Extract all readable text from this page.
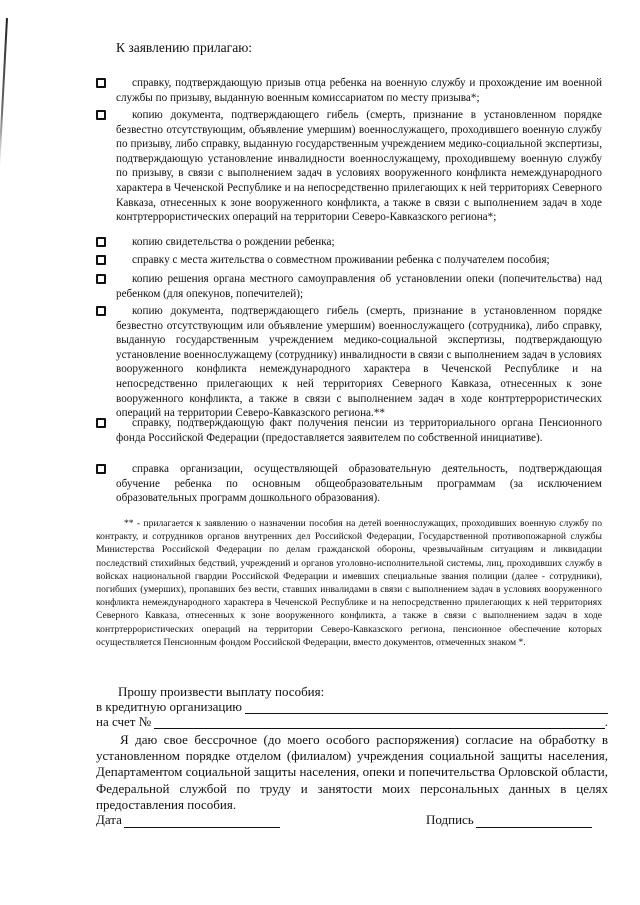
К заявлению прилагаю:
справку, подтверждающую призыв отца ребенка на военную службу и прохождение им военной службы по призыву, выданную военным комиссариатом по месту призыва*;
копию документа, подтверждающего гибель (смерть, признание в установленном порядке безвестно отсутствующим, объявление умершим) военнослужащего, проходившего военную службу по призыву, либо справку, выданную государственным учреждением медико-социальной экспертизы, подтверждающую установление инвалидности военнослужащему, проходившему военную службу по призыву, в связи с выполнением задач в условиях вооруженного конфликта немеждународного характера в Чеченской Республике и на непосредственно прилегающих к ней территориях Северного Кавказа, отнесенных к зоне вооруженного конфликта, а также в связи с выполнением задач в ходе контртеррористических операций на территории Северо-Кавказского региона*;
копию свидетельства о рождении ребенка;
справку с места жительства о совместном проживании ребенка с получателем пособия;
копию решения органа местного самоуправления об установлении опеки (попечительства) над ребенком (для опекунов, попечителей);
копию документа, подтверждающего гибель (смерть, признание в установленном порядке безвестно отсутствующим или объявление умершим) военнослужащего (сотрудника), либо справку, выданную государственным учреждением медико-социальной экспертизы, подтверждающую установление военнослужащему (сотруднику) инвалидности в связи с выполнением задач в условиях вооруженного конфликта немеждународного характера в Чеченской Республике и на непосредственно прилегающих к ней территориях Северного Кавказа, отнесенных к зоне вооруженного конфликта, а также в связи с выполнением задач в ходе контртеррористических операций на территории Северо-Кавказского региона.**
справку, подтверждающую факт получения пенсии из территориального органа Пенсионного фонда Российской Федерации (предоставляется заявителем по собственной инициативе).
справка организации, осуществляющей образовательную деятельность, подтверждающая обучение ребенка по основным общеобразовательным программам (за исключением образовательных программ дошкольного образования).
** - прилагается к заявлению о назначении пособия на детей военнослужащих, проходивших военную службу по контракту, и сотрудников органов внутренних дел Российской Федерации, Государственной противопожарной службы Министерства Российской Федерации по делам гражданской обороны, чрезвычайным ситуациям и ликвидации последствий стихийных бедствий, учреждений и органов уголовно-исполнительной системы, лиц, проходивших службу в войсках национальной гвардии Российской Федерации и имевших специальные звания полиции (далее - сотрудники), погибших (умерших), пропавших без вести, ставших инвалидами в связи с выполнением задач в условиях вооруженного конфликта немеждународного характера в Чеченской Республике и на непосредственно прилегающих к ней территориях Северного Кавказа, отнесенных к зоне вооруженного конфликта, а также в связи с выполнением задач в ходе контртеррористических операций на территории Северо-Кавказского региона, пенсионное обеспечение которых осуществляется Пенсионным фондом Российской Федерации, вместо документов, отмеченных знаком *.
Прошу произвести выплату пособия:
в кредитную организацию
на счет №	.
Я даю свое бессрочное (до моего особого распоряжения) согласие на обработку в установленном порядке отделом (филиалом) учреждения социальной защиты населения, Департаментом социальной защиты населения, опеки и попечительства Орловской области, Федеральной службой по труду и занятости моих персональных данных в целях предоставления пособия.
Дата	Подпись
